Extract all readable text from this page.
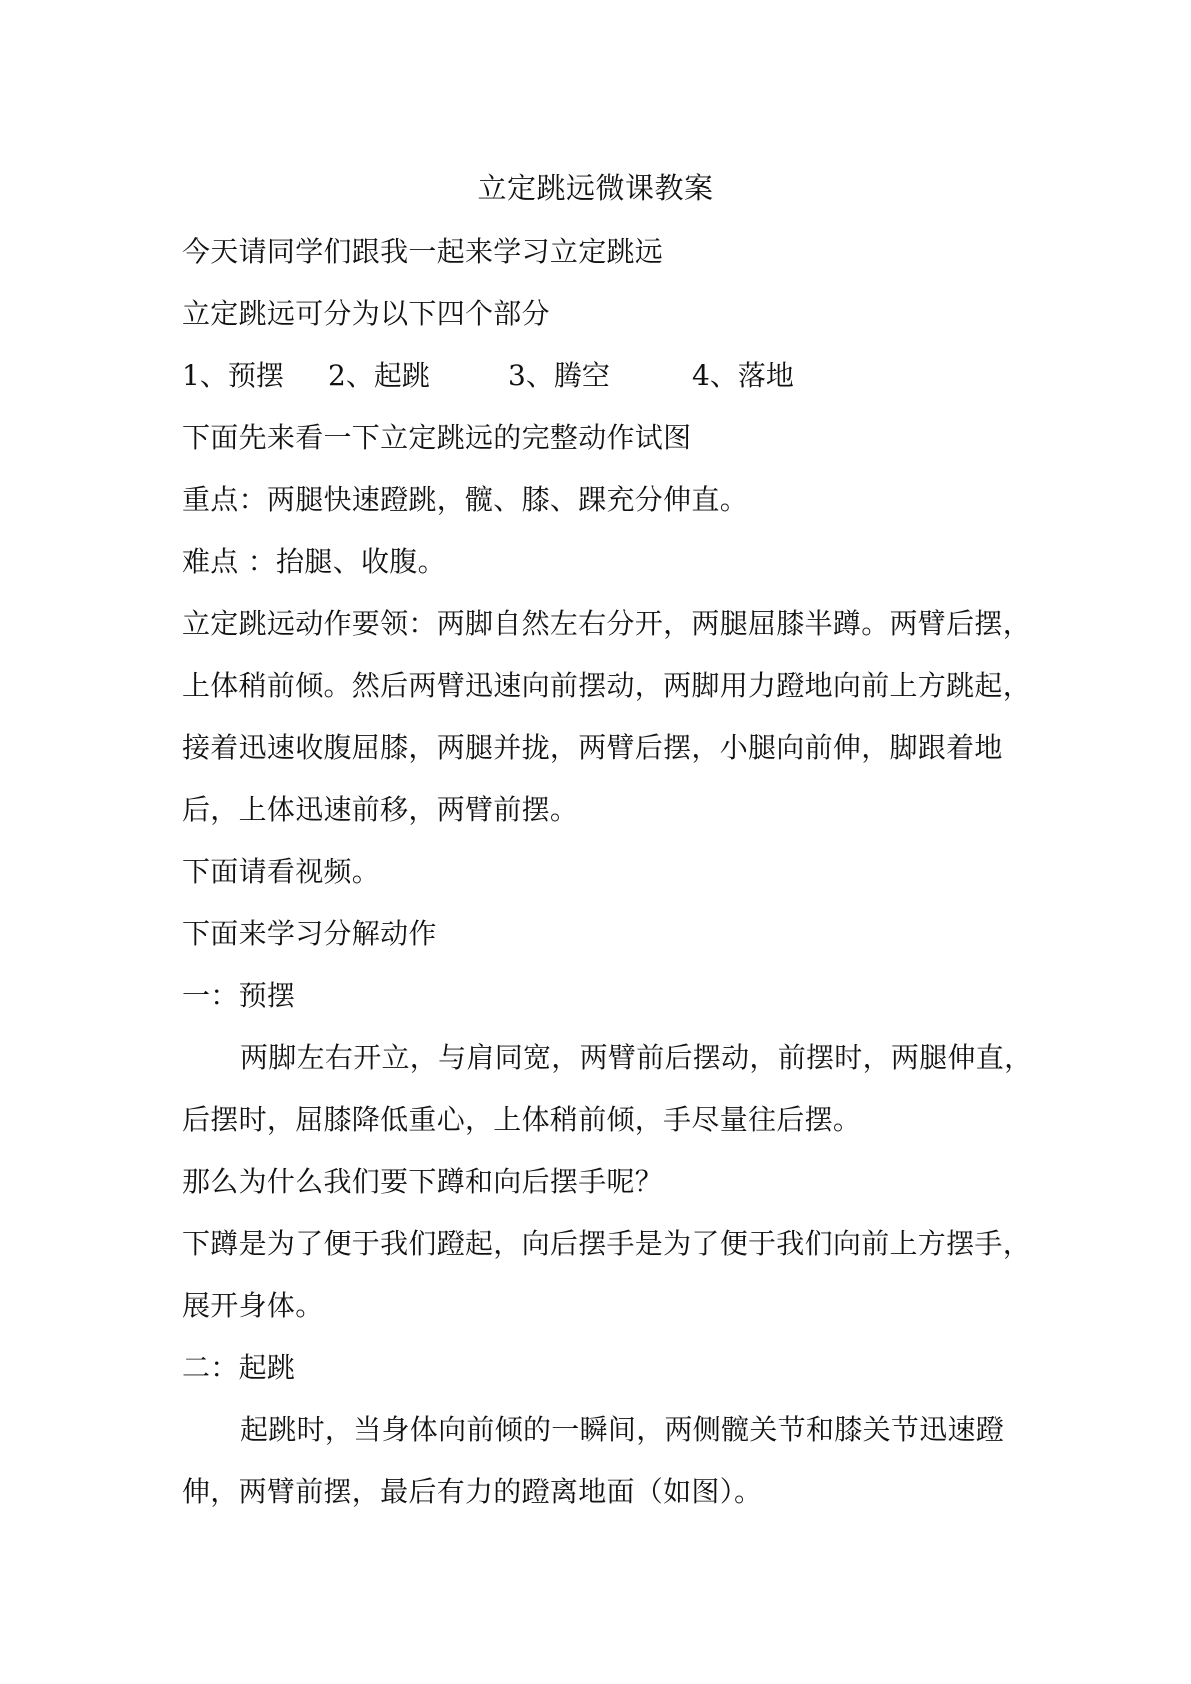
立定跳远微课教案
今天请同学们跟我一起来学习立定跳远
立定跳远可分为以下四个部分
1、预摆 2、起跳	3、腾空	4、落地
下面先来看一下立定跳远的完整动作试图
重点：两腿快速蹬跳，髋、膝、踝充分伸直。
难点 ：抬腿、收腹。
立定跳远动作要领：两脚自然左右分开，两腿屈膝半蹲。两臂后摆，
上体稍前倾。然后两臂迅速向前摆动，两脚用力蹬地向前上方跳起，
接着迅速收腹屈膝，两腿并拢，两臂后摆，小腿向前伸，脚跟着地
后，上体迅速前移，两臂前摆。
下面请看视频。
下面来学习分解动作
一：预摆
两脚左右开立，与肩同宽，两臂前后摆动，前摆时，两腿伸直，
后摆时，屈膝降低重心，上体稍前倾，手尽量往后摆。
那么为什么我们要下蹲和向后摆手呢？
下蹲是为了便于我们蹬起，向后摆手是为了便于我们向前上方摆手，
展开身体。
二：起跳
起跳时，当身体向前倾的一瞬间，两侧髋关节和膝关节迅速蹬
伸，两臂前摆，最后有力的蹬离地面（如图）。
